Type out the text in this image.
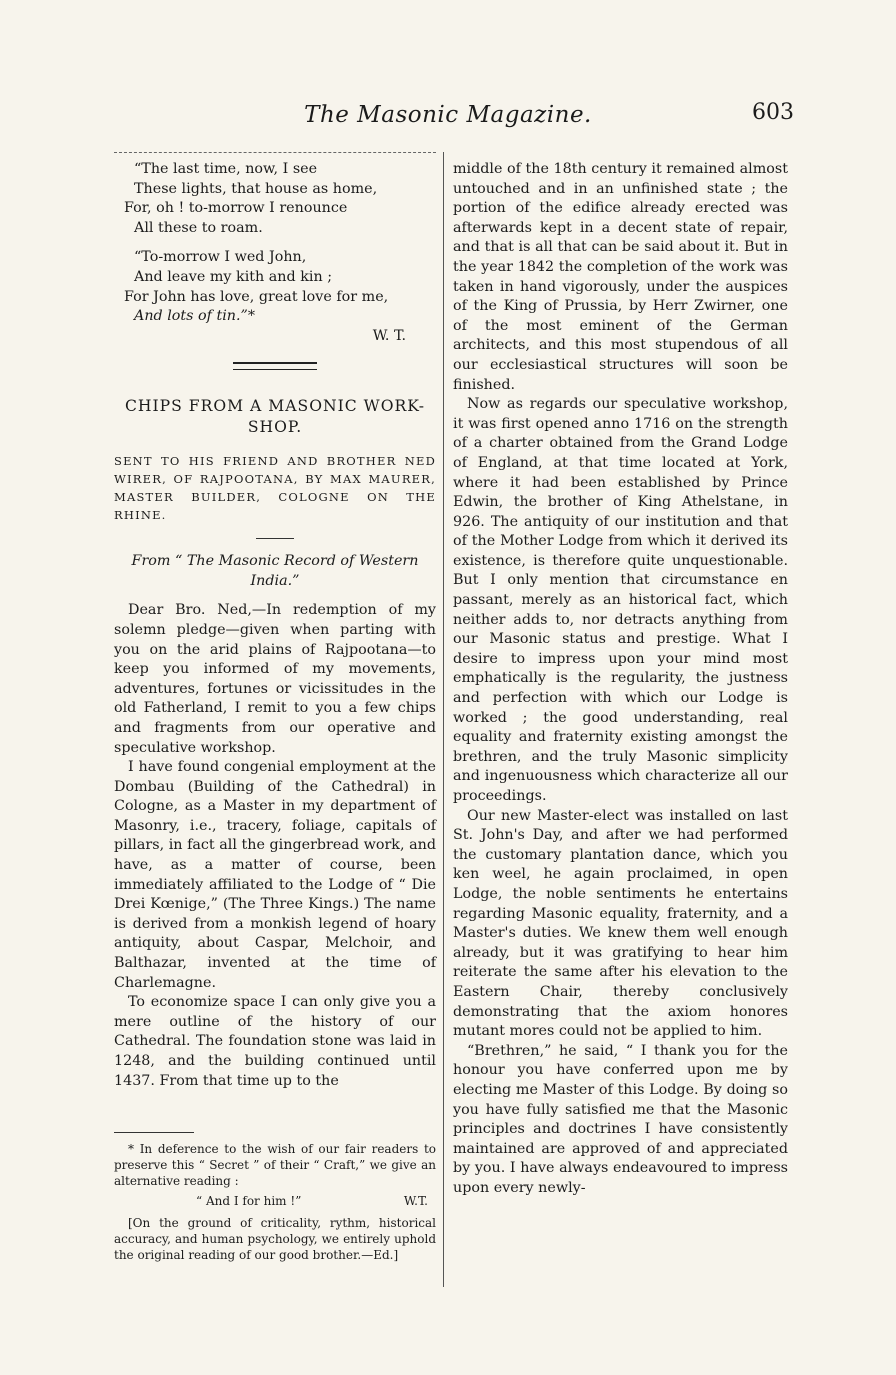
The Masonic Magazine.	603
“The last time, now, I see
These lights, that house as home,
For, oh ! to-morrow I renounce
All these to roam.
“To-morrow I wed John,
And leave my kith and kin ;
For John has love, great love for me,
And lots of tin.”*
W. T.
CHIPS FROM A MASONIC WORK-SHOP.
SENT TO HIS FRIEND AND BROTHER NED WIRER, OF RAJPOOTANA, BY MAX MAURER, MASTER BUILDER, COLOGNE ON THE RHINE.
From “ The Masonic Record of Western India.”

Dear Bro. Ned,—In redemption of my solemn pledge—given when parting with you on the arid plains of Rajpootana—to keep you informed of my movements, adventures, fortunes or vicissitudes in the old Fatherland, I remit to you a few chips and fragments from our operative and speculative workshop.

I have found congenial employment at the Dombau (Building of the Cathedral) in Cologne, as a Master in my department of Masonry, i.e., tracery, foliage, capitals of pillars, in fact all the gingerbread work, and have, as a matter of course, been immediately affiliated to the Lodge of “ Die Drei Kœnige,” (The Three Kings.) The name is derived from a monkish legend of hoary antiquity, about Caspar, Melchoir, and Balthazar, invented at the time of Charlemagne.

To economize space I can only give you a mere outline of the history of our Cathedral. The foundation stone was laid in 1248, and the building continued until 1437. From that time up to the

* In deference to the wish of our fair readers to preserve this “ Secret ” of their “ Craft,” we give an alternative reading :

“ And I for him !”	W.T.

[On the ground of criticality, rythm, historical accuracy, and human psychology, we entirely uphold the original reading of our good brother.—Ed.]

middle of the 18th century it remained almost untouched and in an unfinished state ; the portion of the edifice already erected was afterwards kept in a decent state of repair, and that is all that can be said about it. But in the year 1842 the completion of the work was taken in hand vigorously, under the auspices of the King of Prussia, by Herr Zwirner, one of the most eminent of the German architects, and this most stupendous of all our ecclesiastical structures will soon be finished.

Now as regards our speculative workshop, it was first opened anno 1716 on the strength of a charter obtained from the Grand Lodge of England, at that time located at York, where it had been established by Prince Edwin, the brother of King Athelstane, in 926. The antiquity of our institution and that of the Mother Lodge from which it derived its existence, is therefore quite unquestionable. But I only mention that circumstance en passant, merely as an historical fact, which neither adds to, nor detracts anything from our Masonic status and prestige. What I desire to impress upon your mind most emphatically is the regularity, the justness and perfection with which our Lodge is worked ; the good understanding, real equality and fraternity existing amongst the brethren, and the truly Masonic simplicity and ingenuousness which characterize all our proceedings.

Our new Master-elect was installed on last St. John's Day, and after we had performed the customary plantation dance, which you ken weel, he again proclaimed, in open Lodge, the noble sentiments he entertains regarding Masonic equality, fraternity, and a Master's duties. We knew them well enough already, but it was gratifying to hear him reiterate the same after his elevation to the Eastern Chair, thereby conclusively demonstrating that the axiom honores mutant mores could not be applied to him.

“Brethren,” he said, “ I thank you for the honour you have conferred upon me by electing me Master of this Lodge. By doing so you have fully satisfied me that the Masonic principles and doctrines I have consistently maintained are approved of and appreciated by you. I have always endeavoured to impress upon every newly-
